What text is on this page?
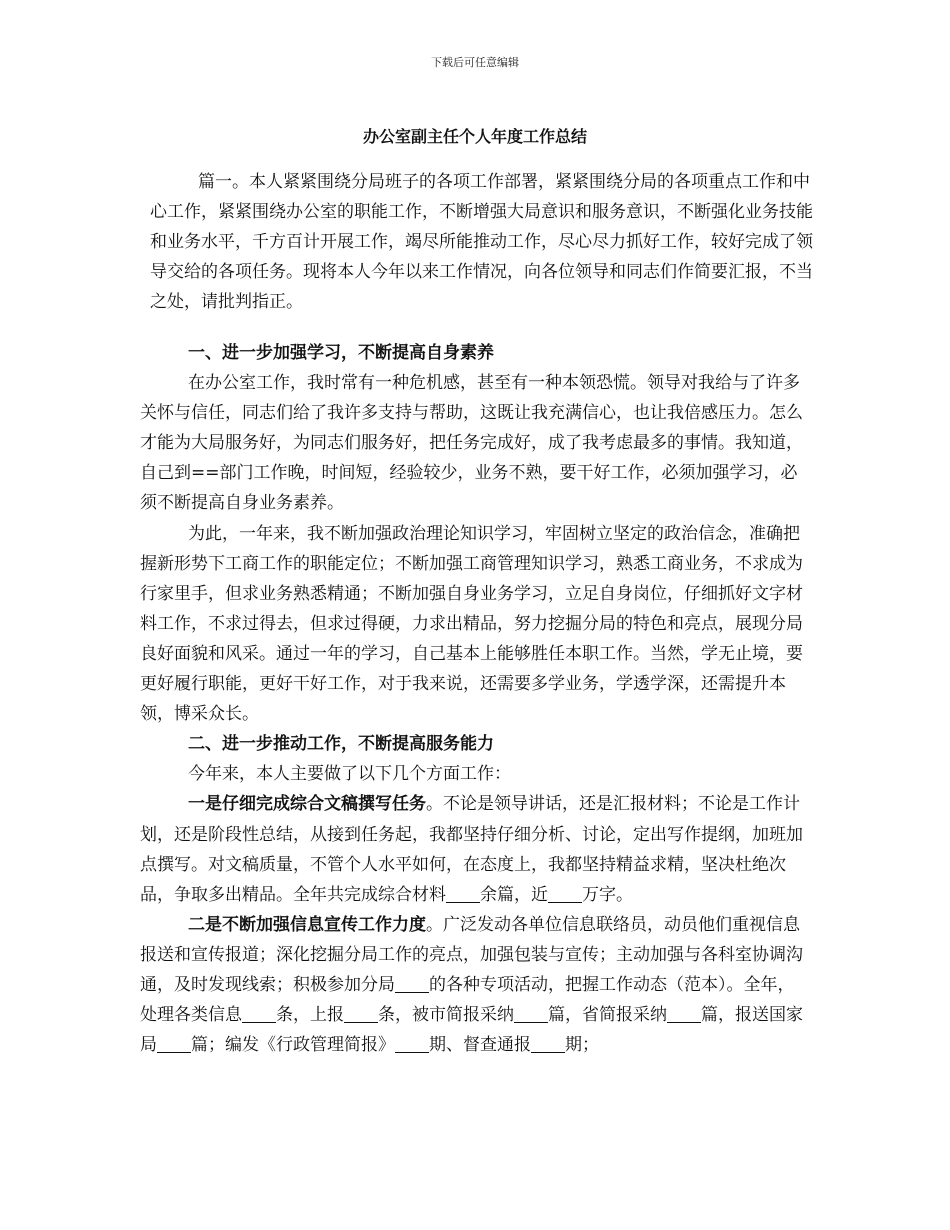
下载后可任意编辑
办公室副主任个人年度工作总结

篇一。本人紧紧围绕分局班子的各项工作部署，紧紧围绕分局的各项重点工作和中心工作，紧紧围绕办公室的职能工作，不断增强大局意识和服务意识，不断强化业务技能和业务水平，千方百计开展工作，竭尽所能推动工作，尽心尽力抓好工作，较好完成了领导交给的各项任务。现将本人今年以来工作情况，向各位领导和同志们作简要汇报，不当之处，请批判指正。

一、进一步加强学习，不断提高自身素养

在办公室工作，我时常有一种危机感，甚至有一种本领恐慌。领导对我给与了许多关怀与信任，同志们给了我许多支持与帮助，这既让我充满信心，也让我倍感压力。怎么才能为大局服务好，为同志们服务好，把任务完成好，成了我考虑最多的事情。我知道，自己到==部门工作晚，时间短，经验较少，业务不熟，要干好工作，必须加强学习，必须不断提高自身业务素养。

为此，一年来，我不断加强政治理论知识学习，牢固树立坚定的政治信念，准确把握新形势下工商工作的职能定位；不断加强工商管理知识学习，熟悉工商业务，不求成为行家里手，但求业务熟悉精通；不断加强自身业务学习，立足自身岗位，仔细抓好文字材料工作，不求过得去，但求过得硬，力求出精品，努力挖掘分局的特色和亮点，展现分局良好面貌和风采。通过一年的学习，自己基本上能够胜任本职工作。当然，学无止境，要更好履行职能，更好干好工作，对于我来说，还需要多学业务，学透学深，还需提升本领，博采众长。

二、进一步推动工作，不断提高服务能力

今年来，本人主要做了以下几个方面工作：

一是仔细完成综合文稿撰写任务。不论是领导讲话，还是汇报材料；不论是工作计划，还是阶段性总结，从接到任务起，我都坚持仔细分析、讨论，定出写作提纲，加班加点撰写。对文稿质量，不管个人水平如何，在态度上，我都坚持精益求精，坚决杜绝次品，争取多出精品。全年共完成综合材料 余篇，近 万字。

二是不断加强信息宣传工作力度。广泛发动各单位信息联络员，动员他们重视信息报送和宣传报道；深化挖掘分局工作的亮点，加强包装与宣传；主动加强与各科室协调沟通，及时发现线索；积极参加分局 的各种专项活动，把握工作动态（范本）。全年，处理各类信息 条，上报 条，被市简报采纳 篇，省简报采纳 篇，报送国家局 篇；编发《行政管理简报》 期、督查通报 期；
